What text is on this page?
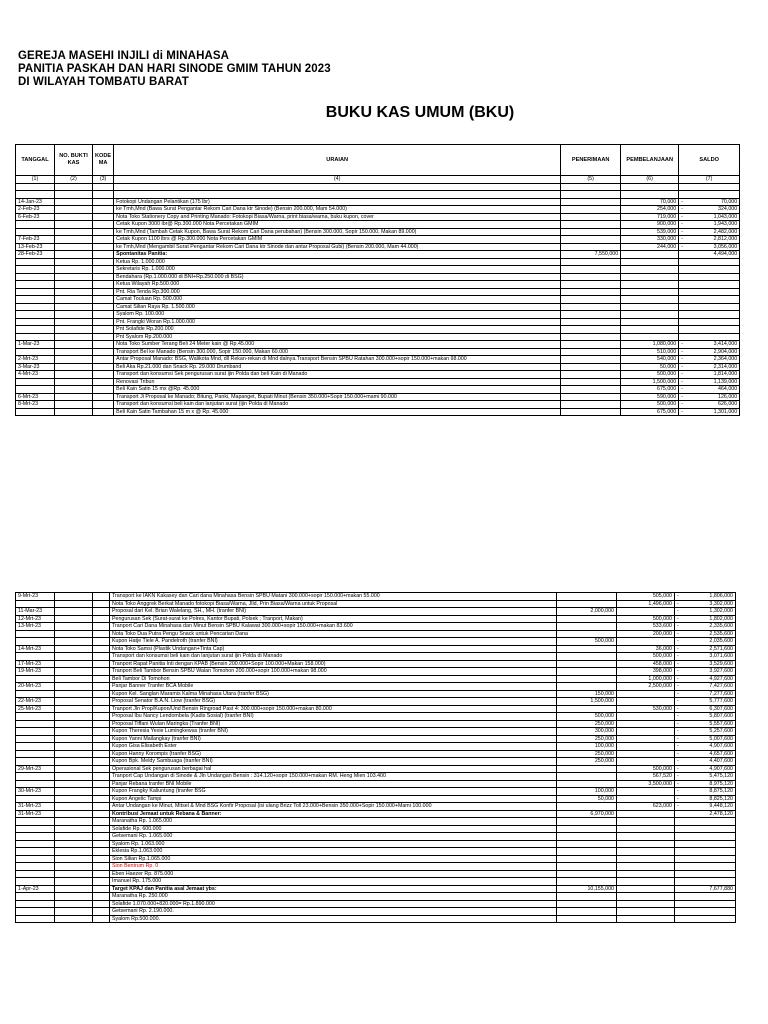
GEREJA MASEHI INJILI di MINAHASA
PANITIA PASKAH DAN HARI SINODE GMIM TAHUN 2023
DI WILAYAH TOMBATU BARAT
BUKU KAS UMUM (BKU)
TANGGAL	NO. BUKTI KAS	KODE MA	URAIAN	PENERIMAAN	PEMBELANJAAN	SALDO
(1)	(2)	(3)	(4)	(5)	(6)	(7)

14-Jan-23			Fotokopi Undangan Pelantikan (175 lbr)		70,000	- 70,000

2-Feb-23			ke Tmh,Mnd (Bawa Surat Pengantar Rekom Cari Dana ktr Sinode) (Bensin 200.000, Mam 54.000)		254,000	- 324,000

6-Feb-23			Nota Toko Stationery Copy and Printing Manado: Fotokopi Biasa/Warna, print biasa/warna, buku kupon, cover		719,000	- 1,043,000

			Cetak Kupon 3000 lbr@ Rp.300.000 Nota Percetakan GMIM		900,000	- 1,943,000

			ke Tmh,Mnd (Tambah Cetak Kupon, Bawa Surat Rekom Cari Dana perubahan) (Bensin 300.000, Sopir 150.000, Makan 89.000)		539,000	- 2,482,000

7-Feb-23			Cetak Kupon 1100 lbrs @ Rp.300.000 Nota Percetakan GMIM		330,000	- 2,812,000

13-Feb-23			ke Tmh,Mnd (Mengambil Surat Pengantar Rekom Cari Dana ktr Sinode dan antar Proposal Gubi) (Bensin 200.000, Mam 44.000)		244,000	- 3,056,000

28-Feb-23			Spontanitas Panitia:	7,550,000		4,494,000

			Ketua Rp. 1.000.000			

			Sekretaris Rp. 1.000.000			

			Bendahara (Rp.1.000.000 di BNI+Rp.250.000 di BSG)			

			Ketua Wilayah Rp.500.000			

			Pnt. Ria Tenda Rp.300.000			

			Camat Touluan Rp. 500.000			

			Camat Silian Raya Rp. 1.500.000			

			Syalom Rp. 100.000			

			Pnt. Frangki Woran Rp.1.000.000			

			Pnt Solafide Rp.200.000			

			Pnt Syalom Rp.200.000			

1-Mar-23			Nota Toko Sumber Terang Beli 24 Meter kain @ Rp.45.000		1,080,000	- 3,414,000

			Transport Bel ke Manado (Bensin 300.000, Sopir 150.000, Makan 60.000		510,000	- 2,904,000

2-Mrt-23			Antar Proposal Manado: BSG, Walikota Mnd, dll Rekan-rekan di Mnd dalnya.Transport Bensin SPBU Ratahan 300.000+sopir 150.000+makan 98.000		540,000	- 2,364,000

3-Mar-23			Beli Aka Rp.21.000 dan Snack Rp. 29.000 Drumband		50,000	- 2,314,000

4-Mrt-23			Transport dan konsumsi Sek pengurusan surat ijin Polda dan beli Kain di Manado		500,000	- 1,814,000

			Renovasi Tribun		1,500,000	- 1,139,000

			Beli Kain Satin 15 mx @Rp. 45.000		675,000	- 464,000

6-Mrt-23			Transport Ji Proposal ke Manado; Bitung, Panki, Mapanget, Bupati Minut (Bensin 350.000+Sopir 150.000+mami 90.000		590,000	- 126,000

8-Mrt-23			Transport dan konsumsi beli kain dan lanjutan surat (ijin Polda di Manado		500,000	- 626,000

			Beli Kain Satin Tambahan 15 m x @ Rp. 45.000		675,000	- 1,301,000
9-Mrt-23			Transport ke IAKN Kakasey dan Cari dana Minahasa Bensin SPBU Matani 300.000+sopir 150.000+makan 55.000		505,000	- 1,806,000

			Nota Toko Anggrek Berkat Manado fotokopi Biasa/Warna, Jlld, Prin Biasa/Warna untuk Proposal		1,496,000	- 3,302,000

11-Mar-23			Proposal dari Kel. Brian Walelang, SH., MH. (tranfer BNI)	2,000,000		- 1,302,000

12-Mrt-23			Pengurusan Sek (Surat-surat ke Polres, Kantor Bupati, Polsek ; Tranport, Makan)		500,000	- 1,802,000

13-Mrt-23			Tranport Cari Dana Minahasa dan Minut Bensin SPBU Kalawat 300.000+sopir 150.000+makan 83.600		533,600	- 2,335,600

			Nota Toko Dua Putra Pengu Snack untuk Pencarian Dana		200,000	- 2,535,600

			Kupon Hatje Tiele A. Pandelroth (tranfer BNI)	500,000		- 2,035,600

14-Mrt-23			Nota Toko Samsi (Plastik Undangan+Tinta Cap)		36,000	- 2,571,600

			Transport dan konsumsi beli kain dan lanjutan surat ijin Polda di Manado		500,000	- 3,071,600

17-Mrt-23			Tranport Rapat Panitia Inti dengan KPAB (Bensin 200.000+Sopir 100.000+Makan 158.000)		458,000	- 3,529,600

19-Mrt-23			Tranport Beli Tambor Bensin SPBU Walan Tomohon 200.000+sopir 100.000+makan 98.000		398,000	- 3,927,600

			Beli Tambor Di Tomohon		1,000,000	- 4,927,600

20-Mrt-23			Panjar Banner Tranfer BCA Mobile		2,500,000	- 7,427,600

			Kupon Kel. Sanglan Maramis Kalma Minahasa Utara (tranfer BSG)	150,000		- 7,277,600

22-Mrt-23			Proposal Senator B.A.N. Liow (tranfer BSG)	1,500,000		- 5,777,600

25-Mrt-23			Tranport Jln Prop/Kupon/Und Bensin Ringroad Past 4: 300.000+sopir 150.000+makan 80.000		530,000	- 6,307,600

			Proposal Ibu Nancy Lendombela (Kadis Sosial) (tranfer BNI)	500,000		- 5,807,600

			Proposal Tiffani Wulan Maringka (Tranfer BNI)	250,000		- 5,557,600

			Kupon Theresia Yexie Lumingkewas (tranfer BNI)	300,000		- 5,257,600

			Kupon Yanni Mailangkay (tranfer BNI)	250,000		- 5,007,600

			Kupon Gisa Elisabeth Ester	100,000		- 4,907,600

			Kupon Hanny Korompis (tranfer BSG)	250,000		- 4,657,600

			Kupon Bpk. Meldy Sambuaga (tranfer BNI)	250,000		- 4,407,600

29-Mrt-23			Operasional Sek pengurusan berbagai hal		500,000	- 4,907,600

			Tranport Cap Undangan di Sinode & Jln Undangan Bensin : 314.120+sopir 150.000+makan RM. Heng Mien 103.400		567,520	- 5,475,120

			Panjar Rebana tranfer BNI Mobile		3,500,000	- 8,975,120

30-Mrt-23			Kupon Frangky Kaliuntung (tranfer BSG	100,000		- 8,875,120

			Kupon Angelic Tampi	50,000		- 8,825,120

31-Mrt-23			Antar Undangan ke Minut, Mitsel & Mnd BSG Konfir Proposal (isi ulang Brizz Toll 23.000+Bensin 350.000+Sopir 150.000+Mami 100.000		623,000	- 9,448,120

31-Mrt-23			Kontribusi Jemaat untuk Rebana & Banner:	6,970,000		2,478,120

			Maranatha Rp. 1.065.000			

			Solafide Rp. 600.000			

			Getsemani Rp. 1.065.000			

			Syalom Rp. 1.063.000			

			Eklesia Rp.1.063.000			

			Sion Silian Rp.1.065.000			

			Sion Bentrum Rp. 0			

			Eben Haezer Rp. 875.000			

			Imanuel Rp. 175.000			

1-Apr-23			Target KPAJ dan Panitia asal Jemaat ybs:	10,155,000		7,677,880

			Maranatha Rp. 250.000			

			Solafide 1.070.000+820.000= Rp.1.890.000			

			Getsemani Rp. 2.190.000.			

			Syalom Rp.500.000.			
